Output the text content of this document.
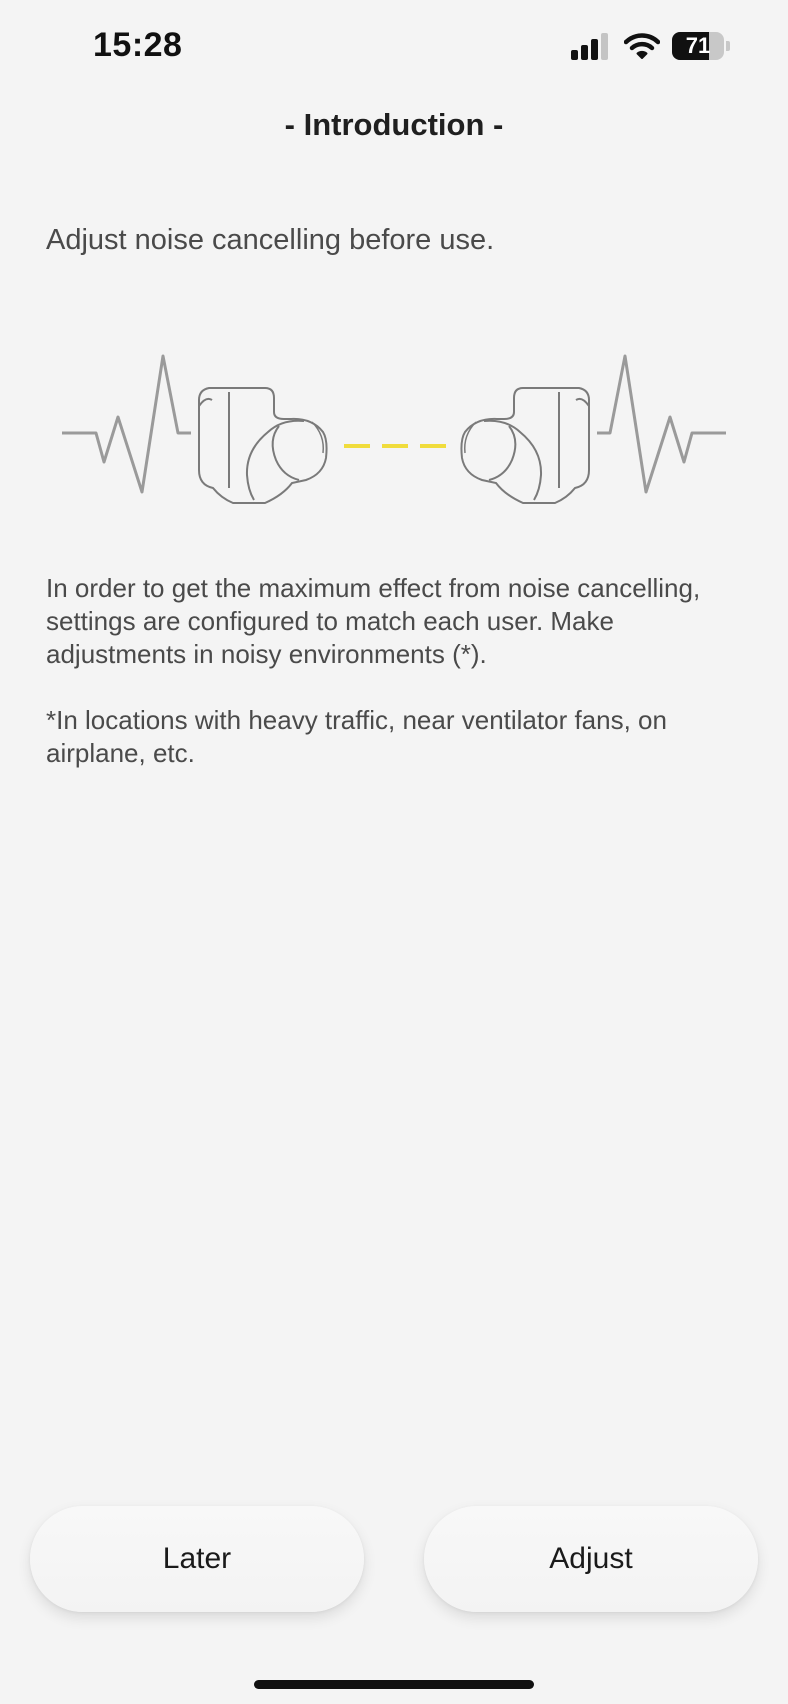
15:28	71
- Introduction -
Adjust noise cancelling before use.

In order to get the maximum effect from noise cancelling, settings are configured to match each user. Make adjustments in noisy environments (*).

*In locations with heavy traffic, near ventilator fans, on airplane, etc.

Later	Adjust
